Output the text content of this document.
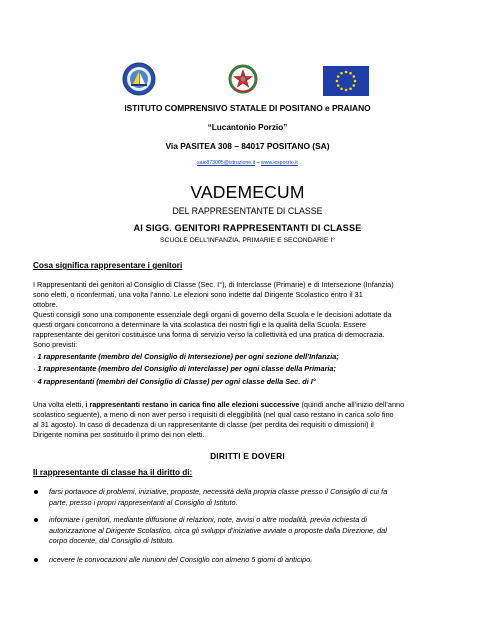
ISTITUTO COMPRENSIVO STATALE DI POSITANO e PRAIANO
“Lucantonio Porzio”
Via PASITEA 308 – 84017 POSITANO (SA)
saic873005@istruzione.it – www.icsporzio.it
VADEMECUM
DEL RAPPRESENTANTE DI CLASSE
AI SIGG. GENITORI RAPPRESENTANTI DI CLASSE
SCUOLE DELL’INFANZIA, PRIMARIE E SECONDARIE I°
Cosa significa rappresentare i genitori
I Rappresentanti dei genitori al Consiglio di Classe (Sec. I°), di Interclasse (Primarie) e di Intersezione (Infanzia)
sono eletti, o riconfermati, una volta l’anno. Le elezioni sono indette dal Dirigente Scolastico entro il 31
ottobre.
Questi consigli sono una componente essenziale degli organi di governo della Scuola e le decisioni adottate da
questi organi concorrono a determinare la vita scolastica dei nostri figli e la qualità della Scuola. Essere
rappresentante dei genitori costituisce una forma di servizio verso la collettività ed una pratica di democrazia.
Sono previsti:
· 1 rappresentante (membro del Consiglio di Intersezione) per ogni sezione dell’Infanzia;
· 1 rappresentante (membro del Consiglio di Interclasse) per ogni classe della Primaria;
· 4 rappresentanti (membri del Consiglio di Classe) per ogni classe della Sec. di I°
Una volta eletti, i rappresentanti restano in carica fino alle elezioni successive (quindi anche all’inizio dell’anno
scolastico seguente), a meno di non aver perso i requisiti di eleggibilità (nel qual caso restano in carica solo fino
al 31 agosto). In caso di decadenza di un rappresentante di classe (per perdita dei requisiti o dimissioni) il
Dirigente nomina per sostituirlo il primo dei non eletti.
DIRITTI E DOVERI
Il rappresentante di classe ha il diritto di:
farsi portavoce di problemi, iniziative, proposte, necessità della propria classe presso il Consiglio di cui fa
parte, presso i propri rappresentanti al Consiglio di Istituto.
informare i genitori, mediante diffusione di relazioni, note, avvisi o altre modalità, previa richiesta di
autorizzazione al Dirigente Scolastico, circa gli sviluppi d’iniziative avviate o proposte dalla Direzione, dal
corpo docente, dal Consiglio di Istituto.
ricevere le convocazioni alle riunioni del Consiglio con almeno 5 giorni di anticipo.
